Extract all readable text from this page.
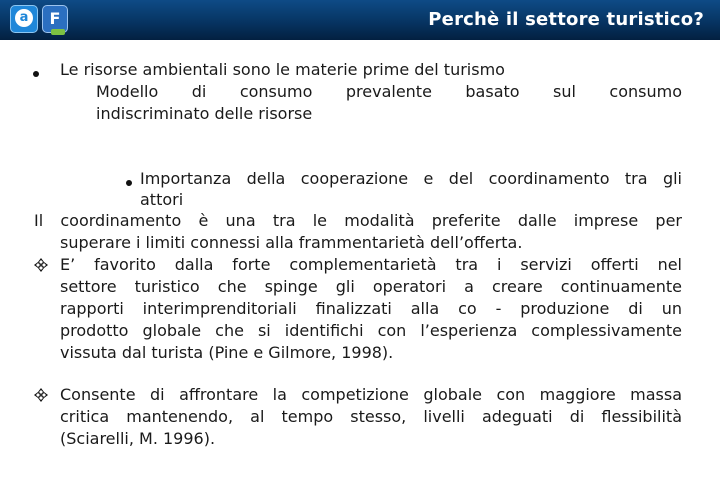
a	F	Perchè il settore turistico?
Le risorse ambientali sono le materie prime del turismo
Modello di consumo prevalente basato sul consumo
indiscriminato delle risorse
Importanza della cooperazione e del coordinamento tra gli
attori
Il coordinamento è una tra le modalità preferite dalle imprese per
superare i limiti connessi alla frammentarietà dell’offerta.
E’ favorito dalla forte complementarietà tra i servizi offerti nel
settore turistico che spinge gli operatori a creare continuamente
rapporti interimprenditoriali finalizzati alla co - produzione di un
prodotto globale che si identifichi con l’esperienza complessivamente
vissuta dal turista (Pine e Gilmore, 1998).
Consente di affrontare la competizione globale con maggiore massa
critica mantenendo, al tempo stesso, livelli adeguati di flessibilità
(Sciarelli, M. 1996).
